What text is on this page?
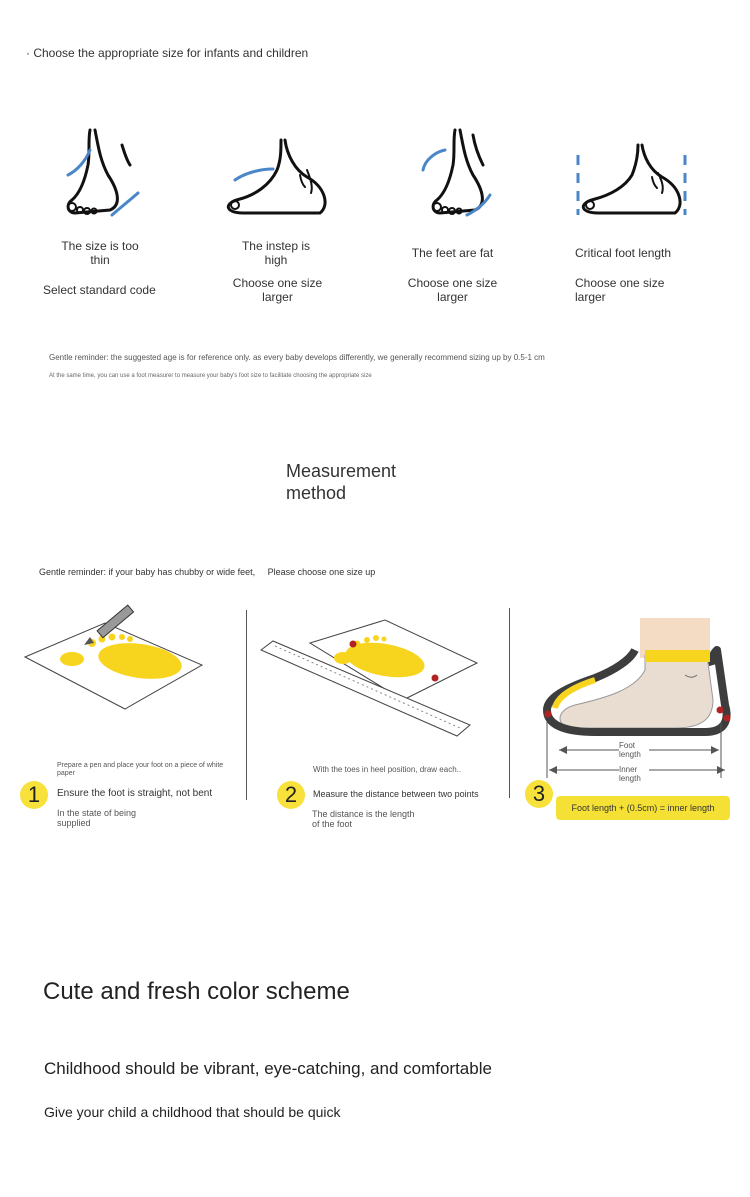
· Choose the appropriate size for infants and children
The size is too thin
Select standard code
The instep is high
Choose one size larger
The feet are fat
Choose one size larger
Critical foot length
Choose one size larger
Gentle reminder: the suggested age is for reference only. as every baby develops differently, we generally recommend sizing up by 0.5-1 cm
At the same time, you can use a foot measurer to measure your baby's foot size to facilitate choosing the appropriate size
Measurement
method
Gentle reminder: if your baby has chubby or wide feet, Please choose one size up
Foot length
Inner length
Prepare a pen and place your foot on a piece of white paper
1	Ensure the foot is straight, not bent
In the state of being supplied
With the toes in heel position, draw each..
2	Measure the distance between two points
The distance is the length of the foot
3
Foot length + (0.5cm) = inner length
Cute and fresh color scheme
Childhood should be vibrant, eye-catching, and comfortable
Give your child a childhood that should be quick
